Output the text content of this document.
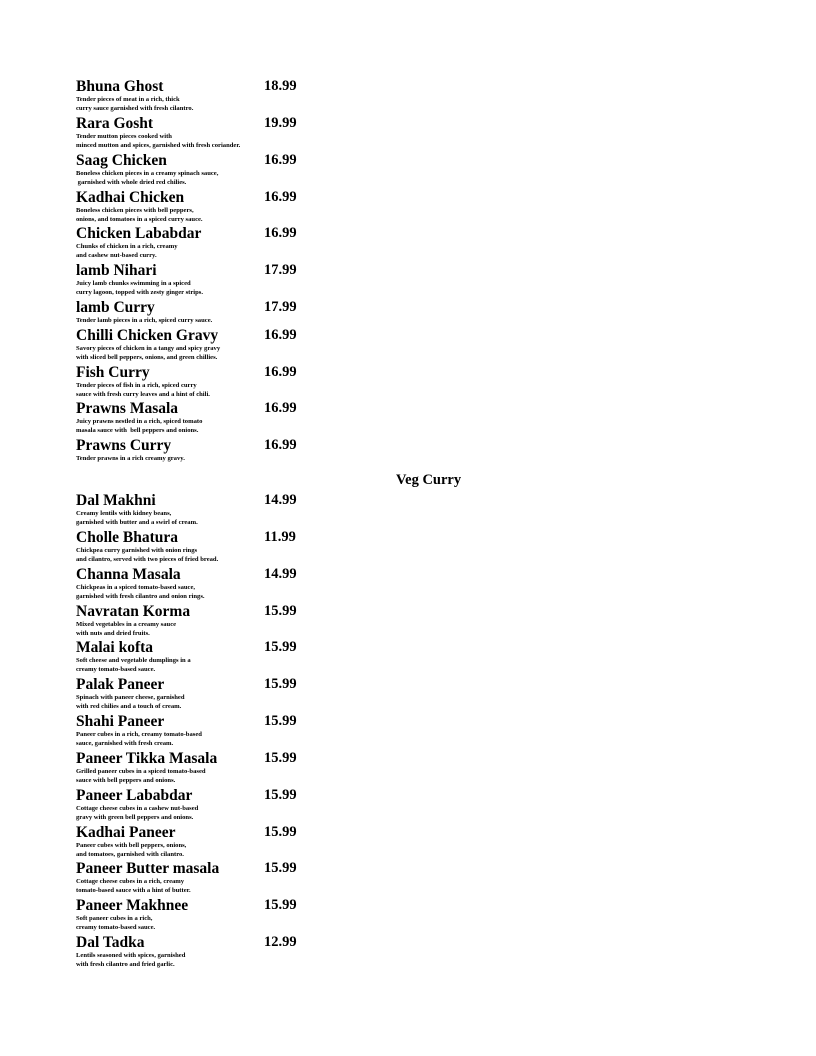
Bhuna Ghost	18.99
Tender pieces of meat in a rich, thick
curry sauce garnished with fresh cilantro.
Rara Gosht	19.99
Tender mutton pieces cooked with
minced mutton and spices, garnished with fresh coriander.
Saag Chicken	16.99
Boneless chicken pieces in a creamy spinach sauce,
garnished with whole dried red chilies.
Kadhai Chicken	16.99
Boneless chicken pieces with bell peppers,
onions, and tomatoes in a spiced curry sauce.
Chicken Lababdar	16.99
Chunks of chicken in a rich, creamy
and cashew nut-based curry.
lamb Nihari	17.99
Juicy lamb chunks swimming in a spiced
curry lagoon, topped with zesty ginger strips.
lamb Curry	17.99
Tender lamb pieces in a rich, spiced curry sauce.
Chilli Chicken Gravy	16.99
Savory pieces of chicken in a tangy and spicy gravy
with sliced bell peppers, onions, and green chillies.
Fish Curry	16.99
Tender pieces of fish in a rich, spiced curry
sauce with fresh curry leaves and a hint of chili.
Prawns Masala	16.99
Juicy prawns nestled in a rich, spiced tomato
masala sauce with  bell peppers and onions.
Prawns Curry	16.99
Tender prawns in a rich creamy gravy.
Veg Curry
Dal Makhni	14.99
Creamy lentils with kidney beans,
garnished with butter and a swirl of cream.
Cholle Bhatura	11.99
Chickpea curry garnished with onion rings
and cilantro, served with two pieces of fried bread.
Channa Masala	14.99
Chickpeas in a spiced tomato-based sauce,
garnished with fresh cilantro and onion rings.
Navratan Korma	15.99
Mixed vegetables in a creamy sauce
with nuts and dried fruits.
Malai kofta	15.99
Soft cheese and vegetable dumplings in a
creamy tomato-based sauce.
Palak Paneer	15.99
Spinach with paneer cheese, garnished
with red chilies and a touch of cream.
Shahi Paneer	15.99
Paneer cubes in a rich, creamy tomato-based
sauce, garnished with fresh cream.
Paneer Tikka Masala	15.99
Grilled paneer cubes in a spiced tomato-based
sauce with bell peppers and onions.
Paneer Lababdar	15.99
Cottage cheese cubes in a cashew nut-based
gravy with green bell peppers and onions.
Kadhai Paneer	15.99
Paneer cubes with bell peppers, onions,
and tomatoes, garnished with cilantro.
Paneer Butter masala	15.99
Cottage cheese cubes in a rich, creamy
tomato-based sauce with a hint of butter.
Paneer Makhnee	15.99
Soft paneer cubes in a rich,
creamy tomato-based sauce.
Dal Tadka	12.99
Lentils seasoned with spices, garnished
with fresh cilantro and fried garlic.
